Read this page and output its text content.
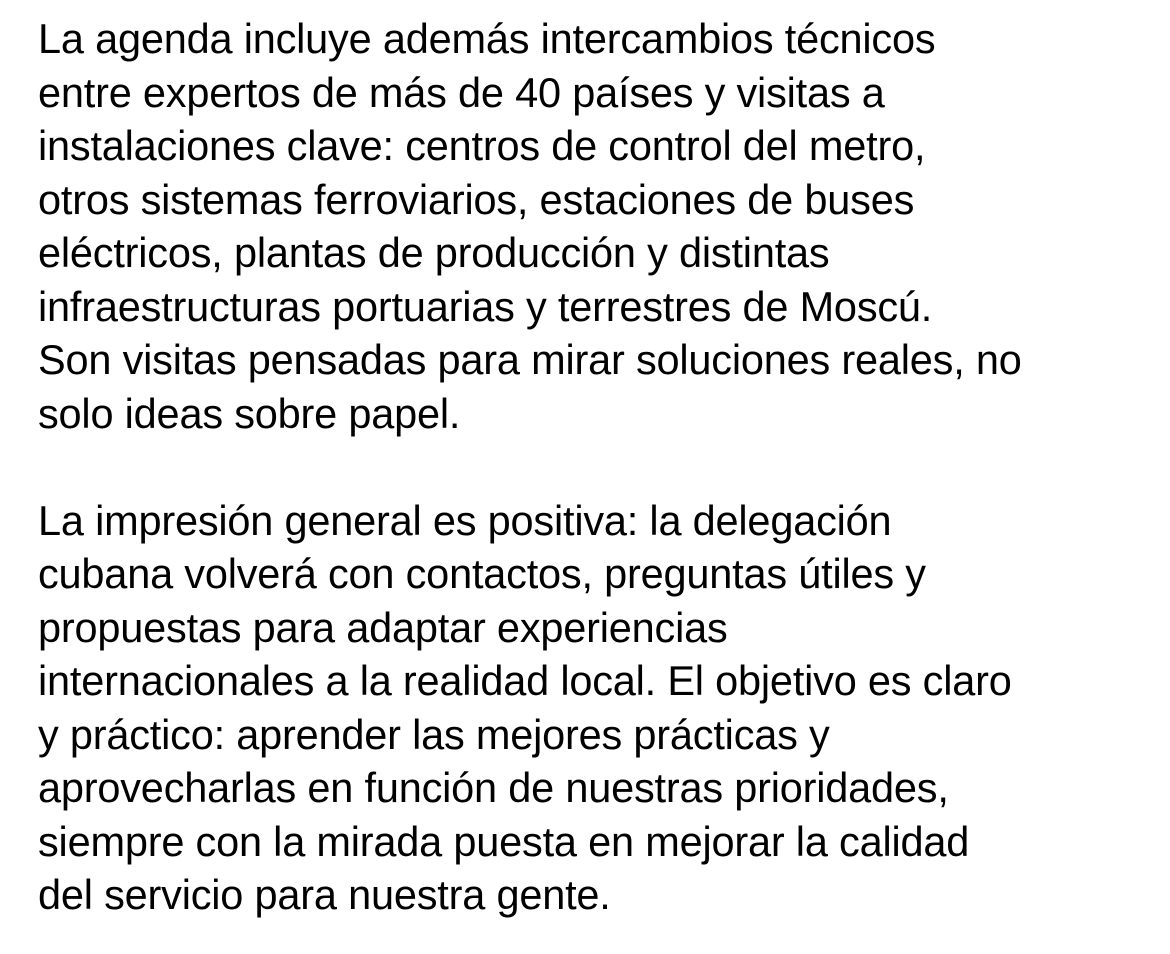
La agenda incluye además intercambios técnicos
entre expertos de más de 40 países y visitas a
instalaciones clave: centros de control del metro,
otros sistemas ferroviarios, estaciones de buses
eléctricos, plantas de producción y distintas
infraestructuras portuarias y terrestres de Moscú.
Son visitas pensadas para mirar soluciones reales, no
solo ideas sobre papel.

La impresión general es positiva: la delegación
cubana volverá con contactos, preguntas útiles y
propuestas para adaptar experiencias
internacionales a la realidad local. El objetivo es claro
y práctico: aprender las mejores prácticas y
aprovecharlas en función de nuestras prioridades,
siempre con la mirada puesta en mejorar la calidad
del servicio para nuestra gente.
